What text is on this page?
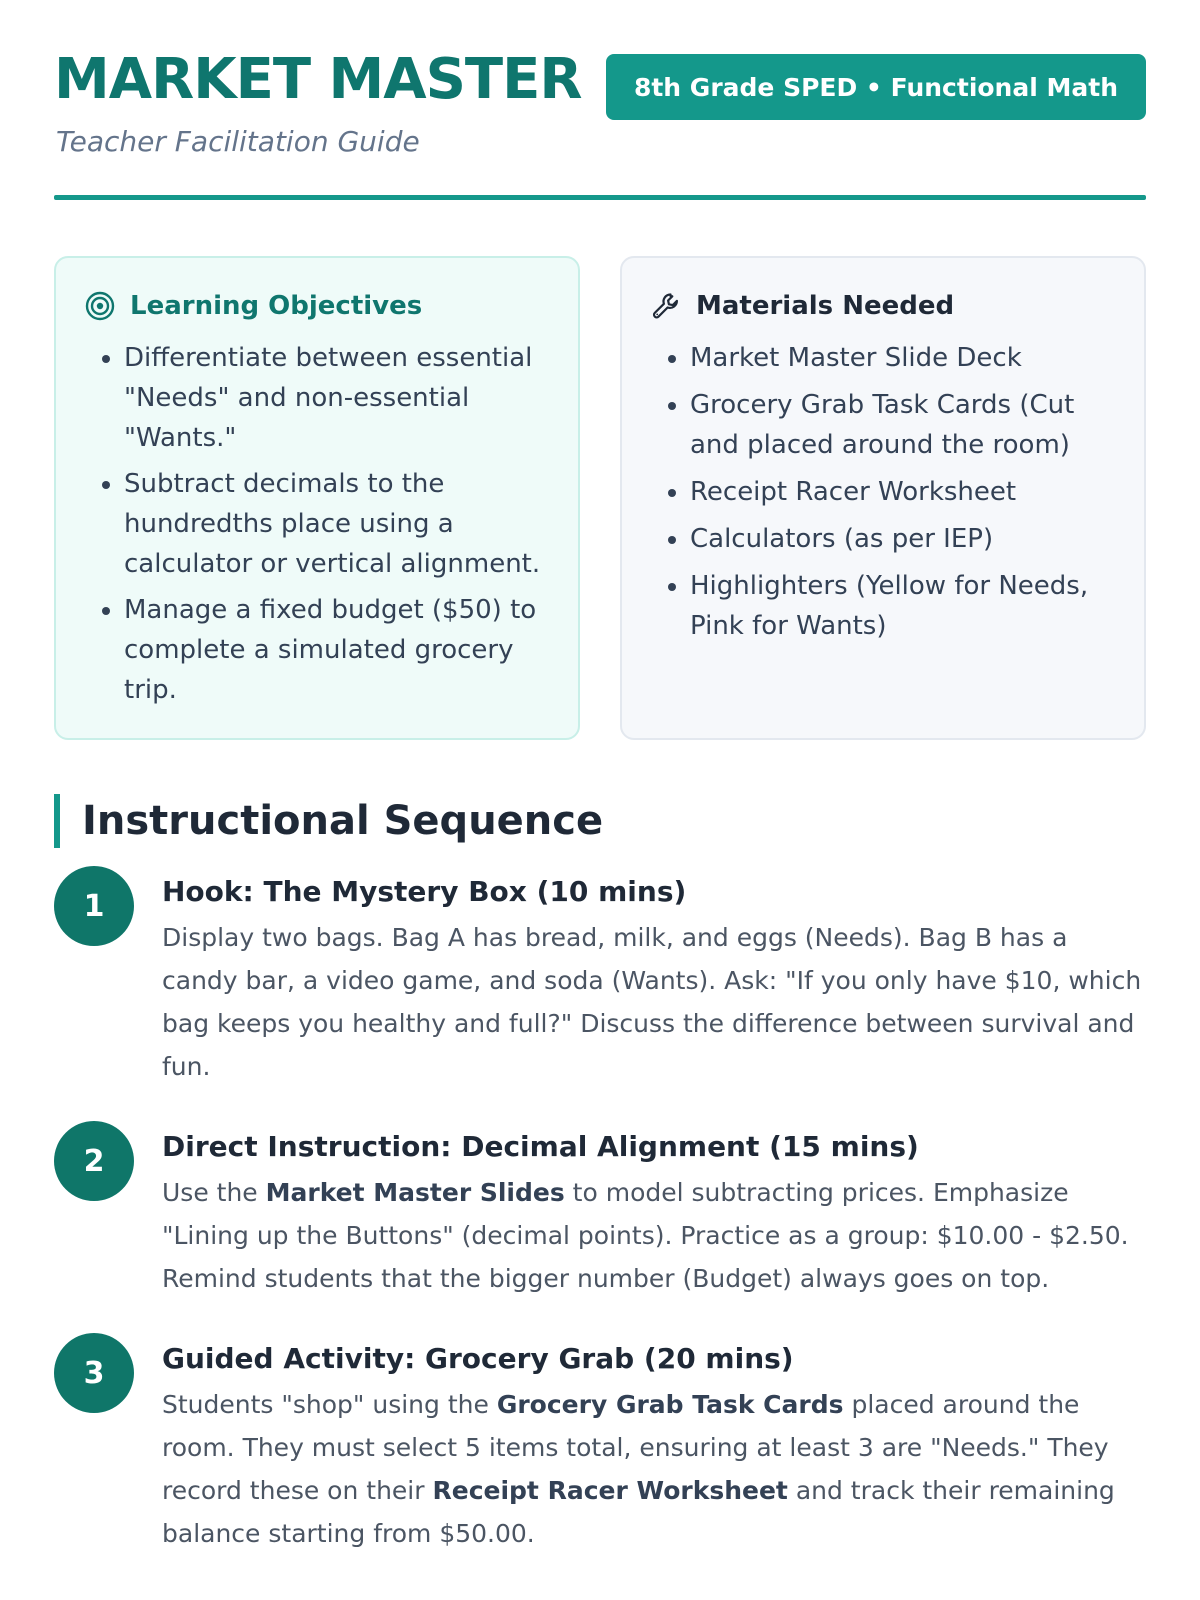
MARKET MASTER

Teacher Facilitation Guide

8th Grade SPED • Functional Math
Learning Objectives
• Differentiate between essential "Needs" and non-essential "Wants."
• Subtract decimals to the hundredths place using a calculator or vertical alignment.
• Manage a fixed budget ($50) to complete a simulated grocery trip.
Materials Needed
• Market Master Slide Deck
• Grocery Grab Task Cards (Cut and placed around the room)
• Receipt Racer Worksheet
• Calculators (as per IEP)
• Highlighters (Yellow for Needs, Pink for Wants)
Instructional Sequence
1	Hook: The Mystery Box (10 mins)

Display two bags. Bag A has bread, milk, and eggs (Needs). Bag B has a candy bar, a video game, and soda (Wants). Ask: "If you only have $10, which bag keeps you healthy and full?" Discuss the difference between survival and fun.

2	Direct Instruction: Decimal Alignment (15 mins)

Use the Market Master Slides to model subtracting prices. Emphasize "Lining up the Buttons" (decimal points). Practice as a group: $10.00 - $2.50. Remind students that the bigger number (Budget) always goes on top.

3	Guided Activity: Grocery Grab (20 mins)

Students "shop" using the Grocery Grab Task Cards placed around the room. They must select 5 items total, ensuring at least 3 are "Needs." They record these on their Receipt Racer Worksheet and track their remaining balance starting from $50.00.
